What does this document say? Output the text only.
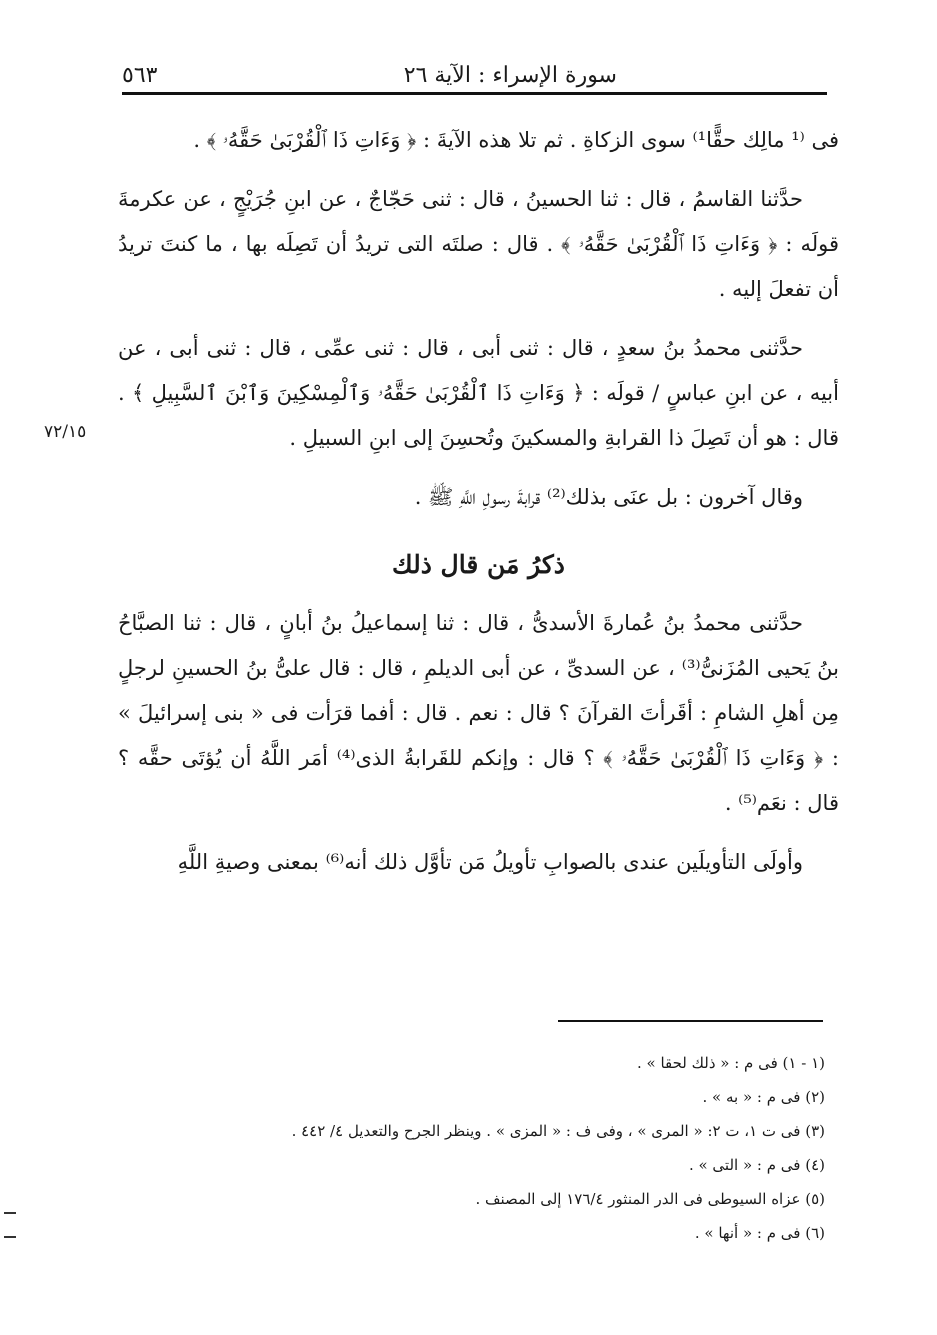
٥٦٣	سورة الإسراء : الآية ٢٦
٧٢/١٥

فى ⁽¹ مالِك حقًّا¹⁾ سوى الزكاةِ . ثم تلا هذه الآيةَ : ﴿ وَءَاتِ ذَا ٱلْقُرْبَىٰ حَقَّهُۥ ﴾ .

حدَّثنا القاسمُ ، قال : ثنا الحسينُ ، قال : ثنى حَجّاجٌ ، عن ابنِ جُرَيْجٍ ، عن عكرمةَ قولَه : ﴿ وَءَاتِ ذَا ٱلْقُرْبَىٰ حَقَّهُۥ ﴾ . قال : صلتَه التى تريدُ أن تَصِلَه بها ، ما كنتَ تريدُ أن تفعلَ إليه .

حدَّثنى محمدُ بنُ سعدٍ ، قال : ثنى أبى ، قال : ثنى عمِّى ، قال : ثنى أبى ، عن أبيه ، عن ابنِ عباسٍ / قولَه : ﴿ وَءَاتِ ذَا ٱلْقُرْبَىٰ حَقَّهُۥ وَٱلْمِسْكِينَ وَٱبْنَ ٱلسَّبِيلِ ﴾ . قال : هو أن تَصِلَ ذا القرابةِ والمسكينَ وتُحسِنَ إلى ابنِ السبيلِ .

وقال آخرون : بل عنَى بذلك⁽²⁾ قرابةَ رسولِ اللَّهِ ﷺ .

ذكرُ مَن قال ذلك

حدَّثنى محمدُ بنُ عُمارةَ الأسدىُّ ، قال : ثنا إسماعيلُ بنُ أبانٍ ، قال : ثنا الصبَّاحُ بنُ يَحيى المُزَنىُّ⁽³⁾ ، عن السدىِّ ، عن أبى الديلمِ ، قال : قال علىُّ بنُ الحسينِ لرجلٍ مِن أهلِ الشامِ : أقَرأتَ القرآنَ ؟ قال : نعم . قال : أفما قرَأت فى « بنى إسرائيلَ » : ﴿ وَءَاتِ ذَا ٱلْقُرْبَىٰ حَقَّهُۥ ﴾ ؟ قال : وإنكم للقَرابةُ الذى⁽⁴⁾ أمَر اللَّهُ أن يُؤتَى حقَّه ؟ قال : نعَم⁽⁵⁾ .

وأولَى التأويلَين عندى بالصوابِ تأويلُ مَن تأوَّل ذلك أنه⁽⁶⁾ بمعنى وصيةِ اللَّهِ

(١ - ١) فى م : « ذلك لحقا » .

(٢) فى م : « به » .

(٣) فى ت ١، ت ٢: « المرى » ، وفى ف : « المزى » . وينظر الجرح والتعديل ٤/ ٤٤٢ .

(٤) فى م : « التى » .

(٥) عزاه السيوطى فى الدر المنثور ١٧٦/٤ إلى المصنف .

(٦) فى م : « أنها » .
